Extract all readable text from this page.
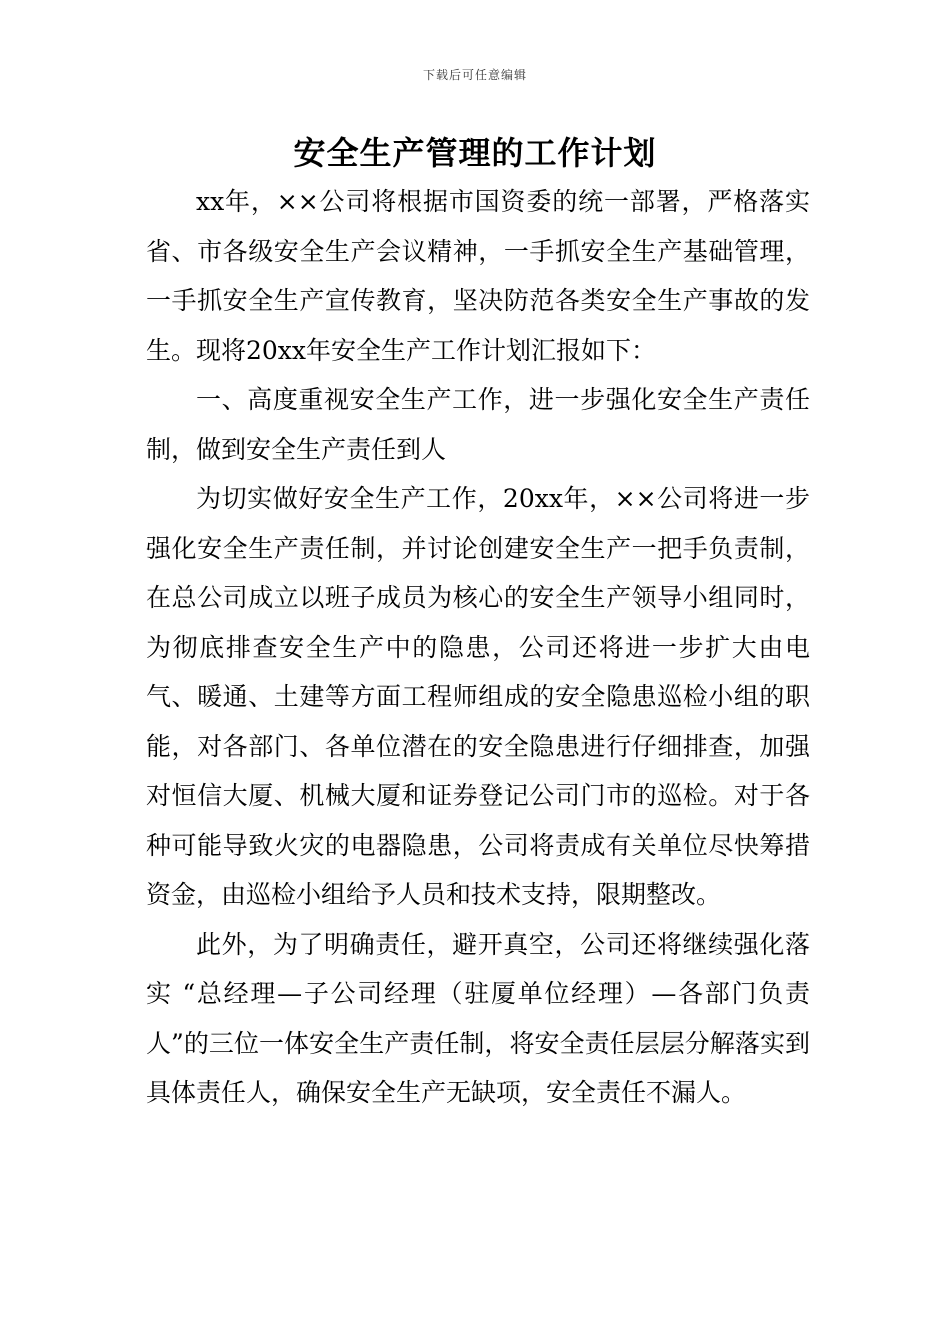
下载后可任意编辑
安全生产管理的工作计划

xx年，××公司将根据市国资委的统一部署，严格落实省、市各级安全生产会议精神，一手抓安全生产基础管理，一手抓安全生产宣传教育，坚决防范各类安全生产事故的发生。现将20xx年安全生产工作计划汇报如下：

一、高度重视安全生产工作，进一步强化安全生产责任制，做到安全生产责任到人

为切实做好安全生产工作，20xx年，××公司将进一步强化安全生产责任制，并讨论创建安全生产一把手负责制，在总公司成立以班子成员为核心的安全生产领导小组同时，为彻底排查安全生产中的隐患，公司还将进一步扩大由电气、暖通、土建等方面工程师组成的安全隐患巡检小组的职能，对各部门、各单位潜在的安全隐患进行仔细排查，加强对恒信大厦、机械大厦和证券登记公司门市的巡检。对于各种可能导致火灾的电器隐患，公司将责成有关单位尽快筹措资金，由巡检小组给予人员和技术支持，限期整改。

此外，为了明确责任，避开真空，公司还将继续强化落实 “总经理—子公司经理（驻厦单位经理）—各部门负责人”的三位一体安全生产责任制，将安全责任层层分解落实到具体责任人，确保安全生产无缺项，安全责任不漏人。
